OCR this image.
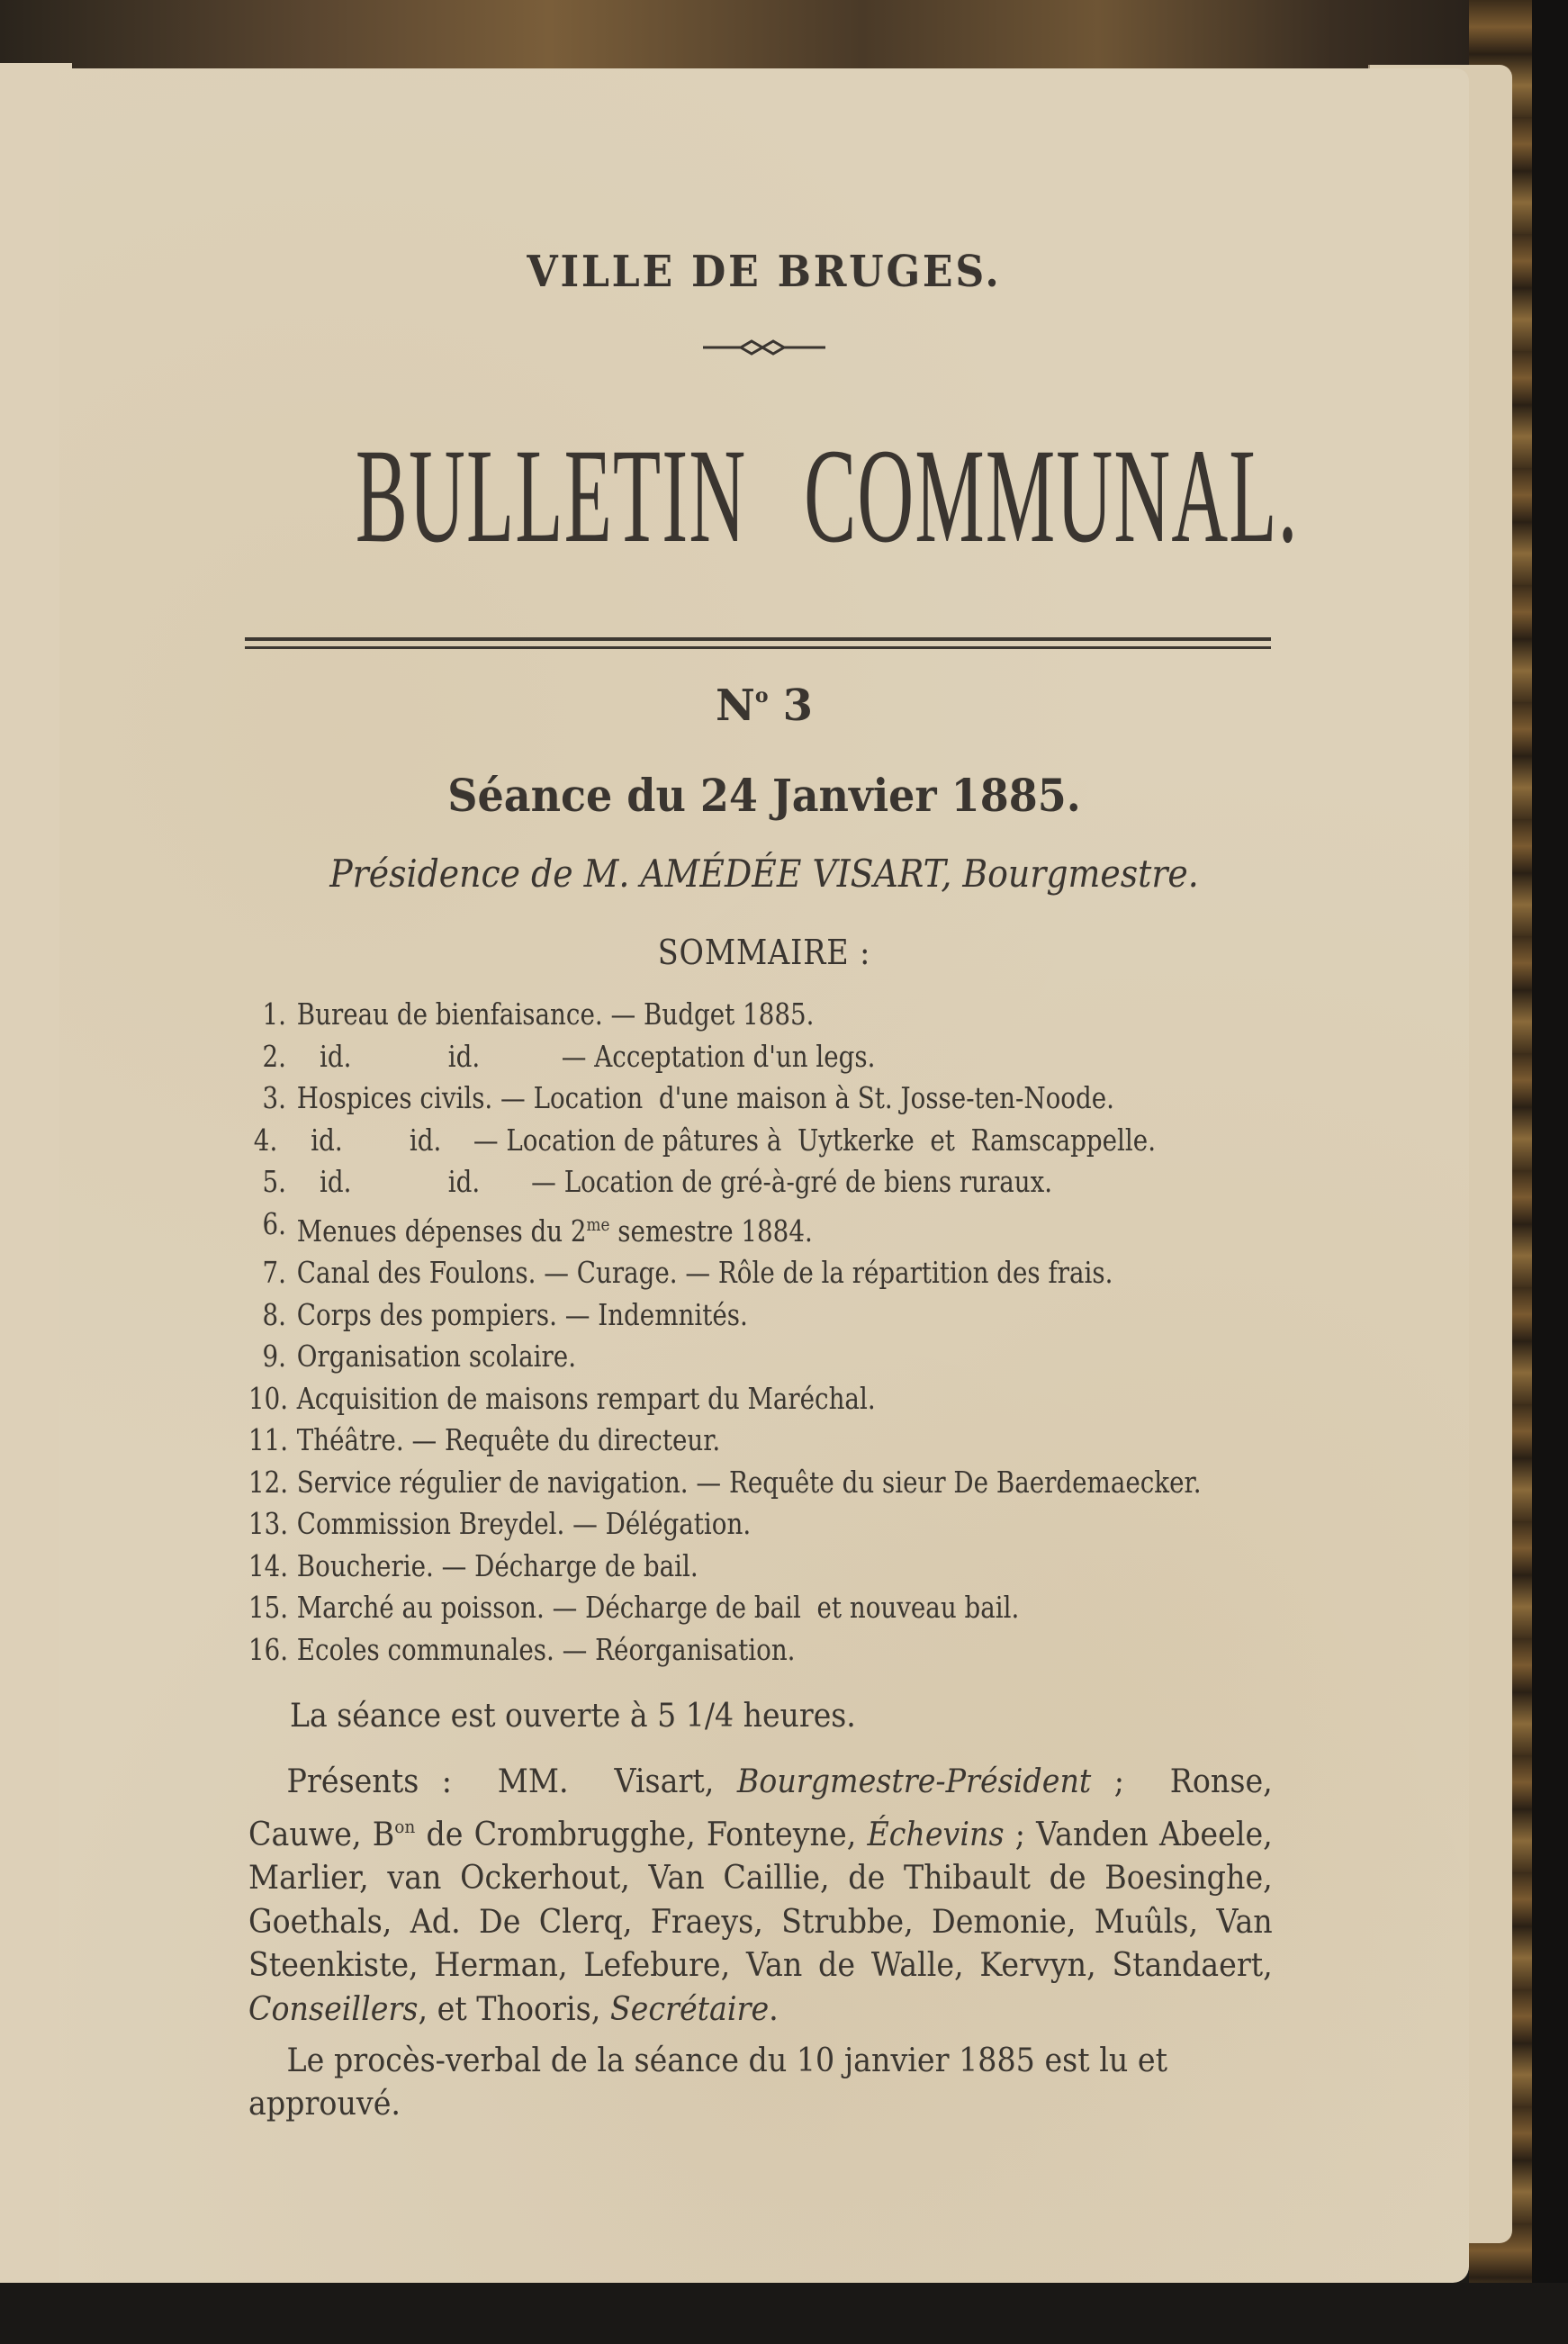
VILLE DE BRUGES.
BULLETIN COMMUNAL.
$N^o$ 3
Séance du 24 Janvier 1885.
Présidence de M. AMÉDÉE VISART, Bourgmestre.
SOMMAIRE :
1. Bureau de bienfaisance. — Budget 1885.
2.	id.	id.	— Acceptation d'un legs.
3. Hospices civils. — Location  d'une maison à St. Josse-ten-Noode.
4.	id.	id.	— Location de pâtures à  Uytkerke  et  Ramscappelle.
5.	id.	id.	— Location de gré-à-gré de biens ruraux.
6. Menues dépenses du $2^{me}$ semestre 1884.
7. Canal des Foulons. — Curage. — Rôle de la répartition des frais.
8. Corps des pompiers. — Indemnités.
9. Organisation scolaire.
10. Acquisition de maisons rempart du Maréchal.
11. Théâtre. — Requête du directeur.
12. Service régulier de navigation. — Requête du sieur De Baerdemaecker.
13. Commission Breydel. — Délégation.
14. Boucherie. — Décharge de bail.
15. Marché au poisson. — Décharge de bail  et nouveau bail.
16. Ecoles communales. — Réorganisation.
La séance est ouverte à 5 1/4 heures.
Présents :  MM.  Visart, Bourgmestre-Président ;  Ronse, Cauwe, $B^{on}$ de Crombrugghe, Fonteyne, Échevins ; Vanden Abeele, Marlier, van Ockerhout, Van Caillie, de Thibault de Boesinghe, Goethals, Ad. De Clerq, Fraeys, Strubbe, Demonie, Muûls, Van Steenkiste, Herman, Lefebure, Van de Walle, Kervyn, Standaert, Conseillers, et Thooris, Secrétaire.
Le procès-verbal de la séance du 10 janvier 1885 est lu et approuvé.
